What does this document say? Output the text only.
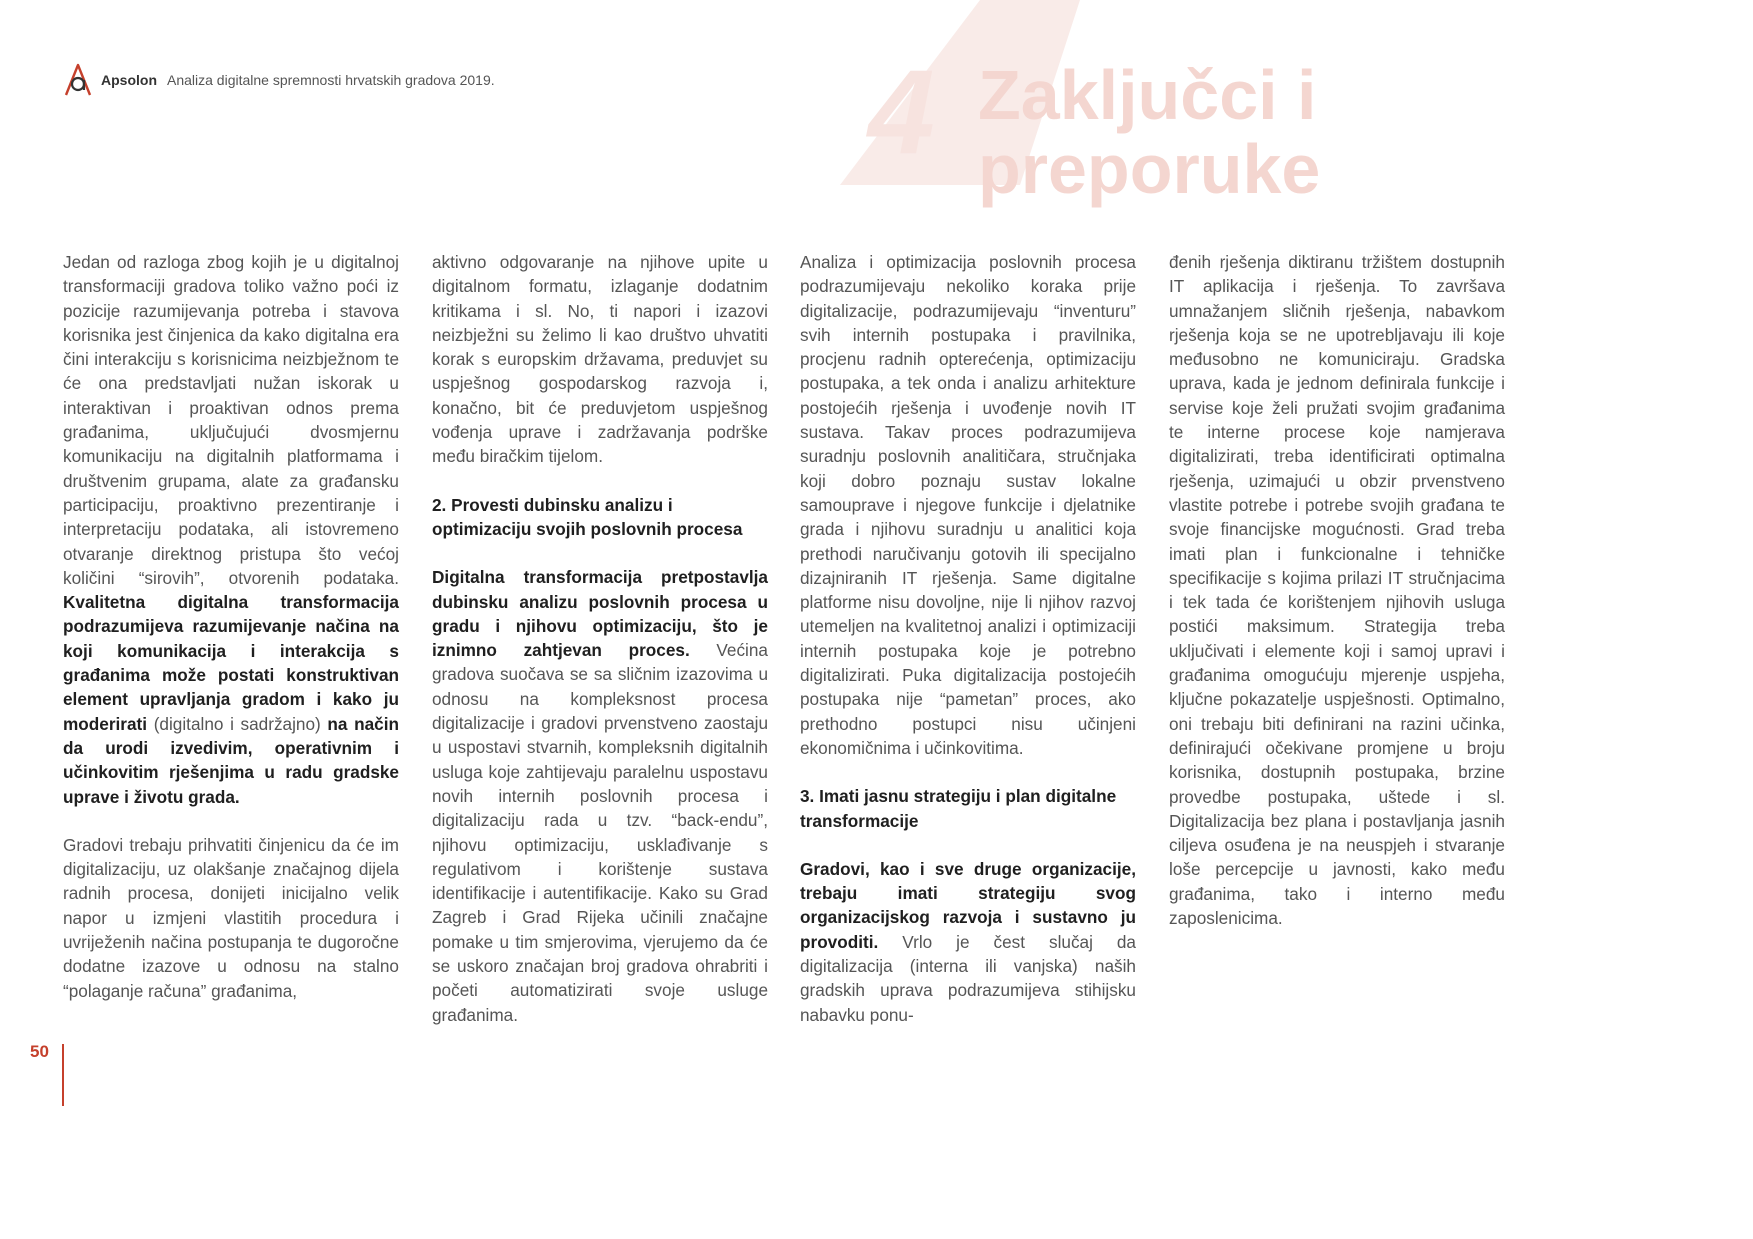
Apsolon Analiza digitalne spremnosti hrvatskih gradova 2019.	4 Zaključci i
preporuke

Jedan od razloga zbog kojih je u digitalnoj transformaciji gradova toliko važno poći iz pozicije razumijevanja potreba i stavova korisnika jest činjenica da kako digitalna era čini interakciju s korisnicima neizbježnom te će ona predstavljati nužan iskorak u interaktivan i proaktivan odnos prema građanima, uključujući dvosmjernu komunikaciju na digitalnih platformama i društvenim grupama, alate za građansku participaciju, proaktivno prezentiranje i interpretaciju podataka, ali istovremeno otvaranje direktnog pristupa što većoj količini “sirovih”, otvorenih podataka. Kvalitetna digitalna transformacija podrazumijeva razumijevanje načina na koji komunikacija i interakcija s građanima može postati konstruktivan element upravljanja gradom i kako ju moderirati (digitalno i sadržajno) na način da urodi izvedivim, operativnim i učinkovitim rješenjima u radu gradske uprave i životu grada.

Gradovi trebaju prihvatiti činjenicu da će im digitalizaciju, uz olakšanje značajnog dijela radnih procesa, donijeti inicijalno velik napor u izmjeni vlastitih procedura i uvriježenih načina postupanja te dugoročne dodatne izazove u odnosu na stalno “polaganje računa” građanima,

aktivno odgovaranje na njihove upite u digitalnom formatu, izlaganje dodatnim kritikama i sl. No, ti napori i izazovi neizbježni su želimo li kao društvo uhvatiti korak s europskim državama, preduvjet su uspješnog gospodarskog razvoja i, konačno, bit će preduvjetom uspješnog vođenja uprave i zadržavanja podrške među biračkim tijelom.

2. Provesti dubinsku analizu i optimizaciju svojih poslovnih procesa

Digitalna transformacija pretpostavlja dubinsku analizu poslovnih procesa u gradu i njihovu optimizaciju, što je iznimno zahtjevan proces. Većina gradova suočava se sa sličnim izazovima u odnosu na kompleksnost procesa digitalizacije i gradovi prvenstveno zaostaju u uspostavi stvarnih, kompleksnih digitalnih usluga koje zahtijevaju paralelnu uspostavu novih internih poslovnih procesa i digitalizaciju rada u tzv. “back-endu”, njihovu optimizaciju, usklađivanje s regulativom i korištenje sustava identifikacije i autentifikacije. Kako su Grad Zagreb i Grad Rijeka učinili značajne pomake u tim smjerovima, vjerujemo da će se uskoro značajan broj gradova ohrabriti i početi automatizirati svoje usluge građanima.

Analiza i optimizacija poslovnih procesa podrazumijevaju nekoliko koraka prije digitalizacije, podrazumijevaju “inventuru” svih internih postupaka i pravilnika, procjenu radnih opterećenja, optimizaciju postupaka, a tek onda i analizu arhitekture postojećih rješenja i uvođenje novih IT sustava. Takav proces podrazumijeva suradnju poslovnih analitičara, stručnjaka koji dobro poznaju sustav lokalne samouprave i njegove funkcije i djelatnike grada i njihovu suradnju u analitici koja prethodi naručivanju gotovih ili specijalno dizajniranih IT rješenja. Same digitalne platforme nisu dovoljne, nije li njihov razvoj utemeljen na kvalitetnoj analizi i optimizaciji internih postupaka koje je potrebno digitalizirati. Puka digitalizacija postojećih postupaka nije “pametan” proces, ako prethodno postupci nisu učinjeni ekonomičnima i učinkovitima.

3. Imati jasnu strategiju i plan digitalne transformacije

Gradovi, kao i sve druge organizacije, trebaju imati strategiju svog organizacijskog razvoja i sustavno ju provoditi. Vrlo je čest slučaj da digitalizacija (interna ili vanjska) naših gradskih uprava podrazumijeva stihijsku nabavku ponu-

đenih rješenja diktiranu tržištem dostupnih IT aplikacija i rješenja. To završava umnažanjem sličnih rješenja, nabavkom rješenja koja se ne upotrebljavaju ili koje međusobno ne komuniciraju. Gradska uprava, kada je jednom definirala funkcije i servise koje želi pružati svojim građanima te interne procese koje namjerava digitalizirati, treba identificirati optimalna rješenja, uzimajući u obzir prvenstveno vlastite potrebe i potrebe svojih građana te svoje financijske mogućnosti. Grad treba imati plan i funkcionalne i tehničke specifikacije s kojima prilazi IT stručnjacima i tek tada će korištenjem njihovih usluga postići maksimum. Strategija treba uključivati i elemente koji i samoj upravi i građanima omogućuju mjerenje uspjeha, ključne pokazatelje uspješnosti. Optimalno, oni trebaju biti definirani na razini učinka, definirajući očekivane promjene u broju korisnika, dostupnih postupaka, brzine provedbe postupaka, uštede i sl. Digitalizacija bez plana i postavljanja jasnih ciljeva osuđena je na neuspjeh i stvaranje loše percepcije u javnosti, kako među građanima, tako i interno među zaposlenicima.

50
